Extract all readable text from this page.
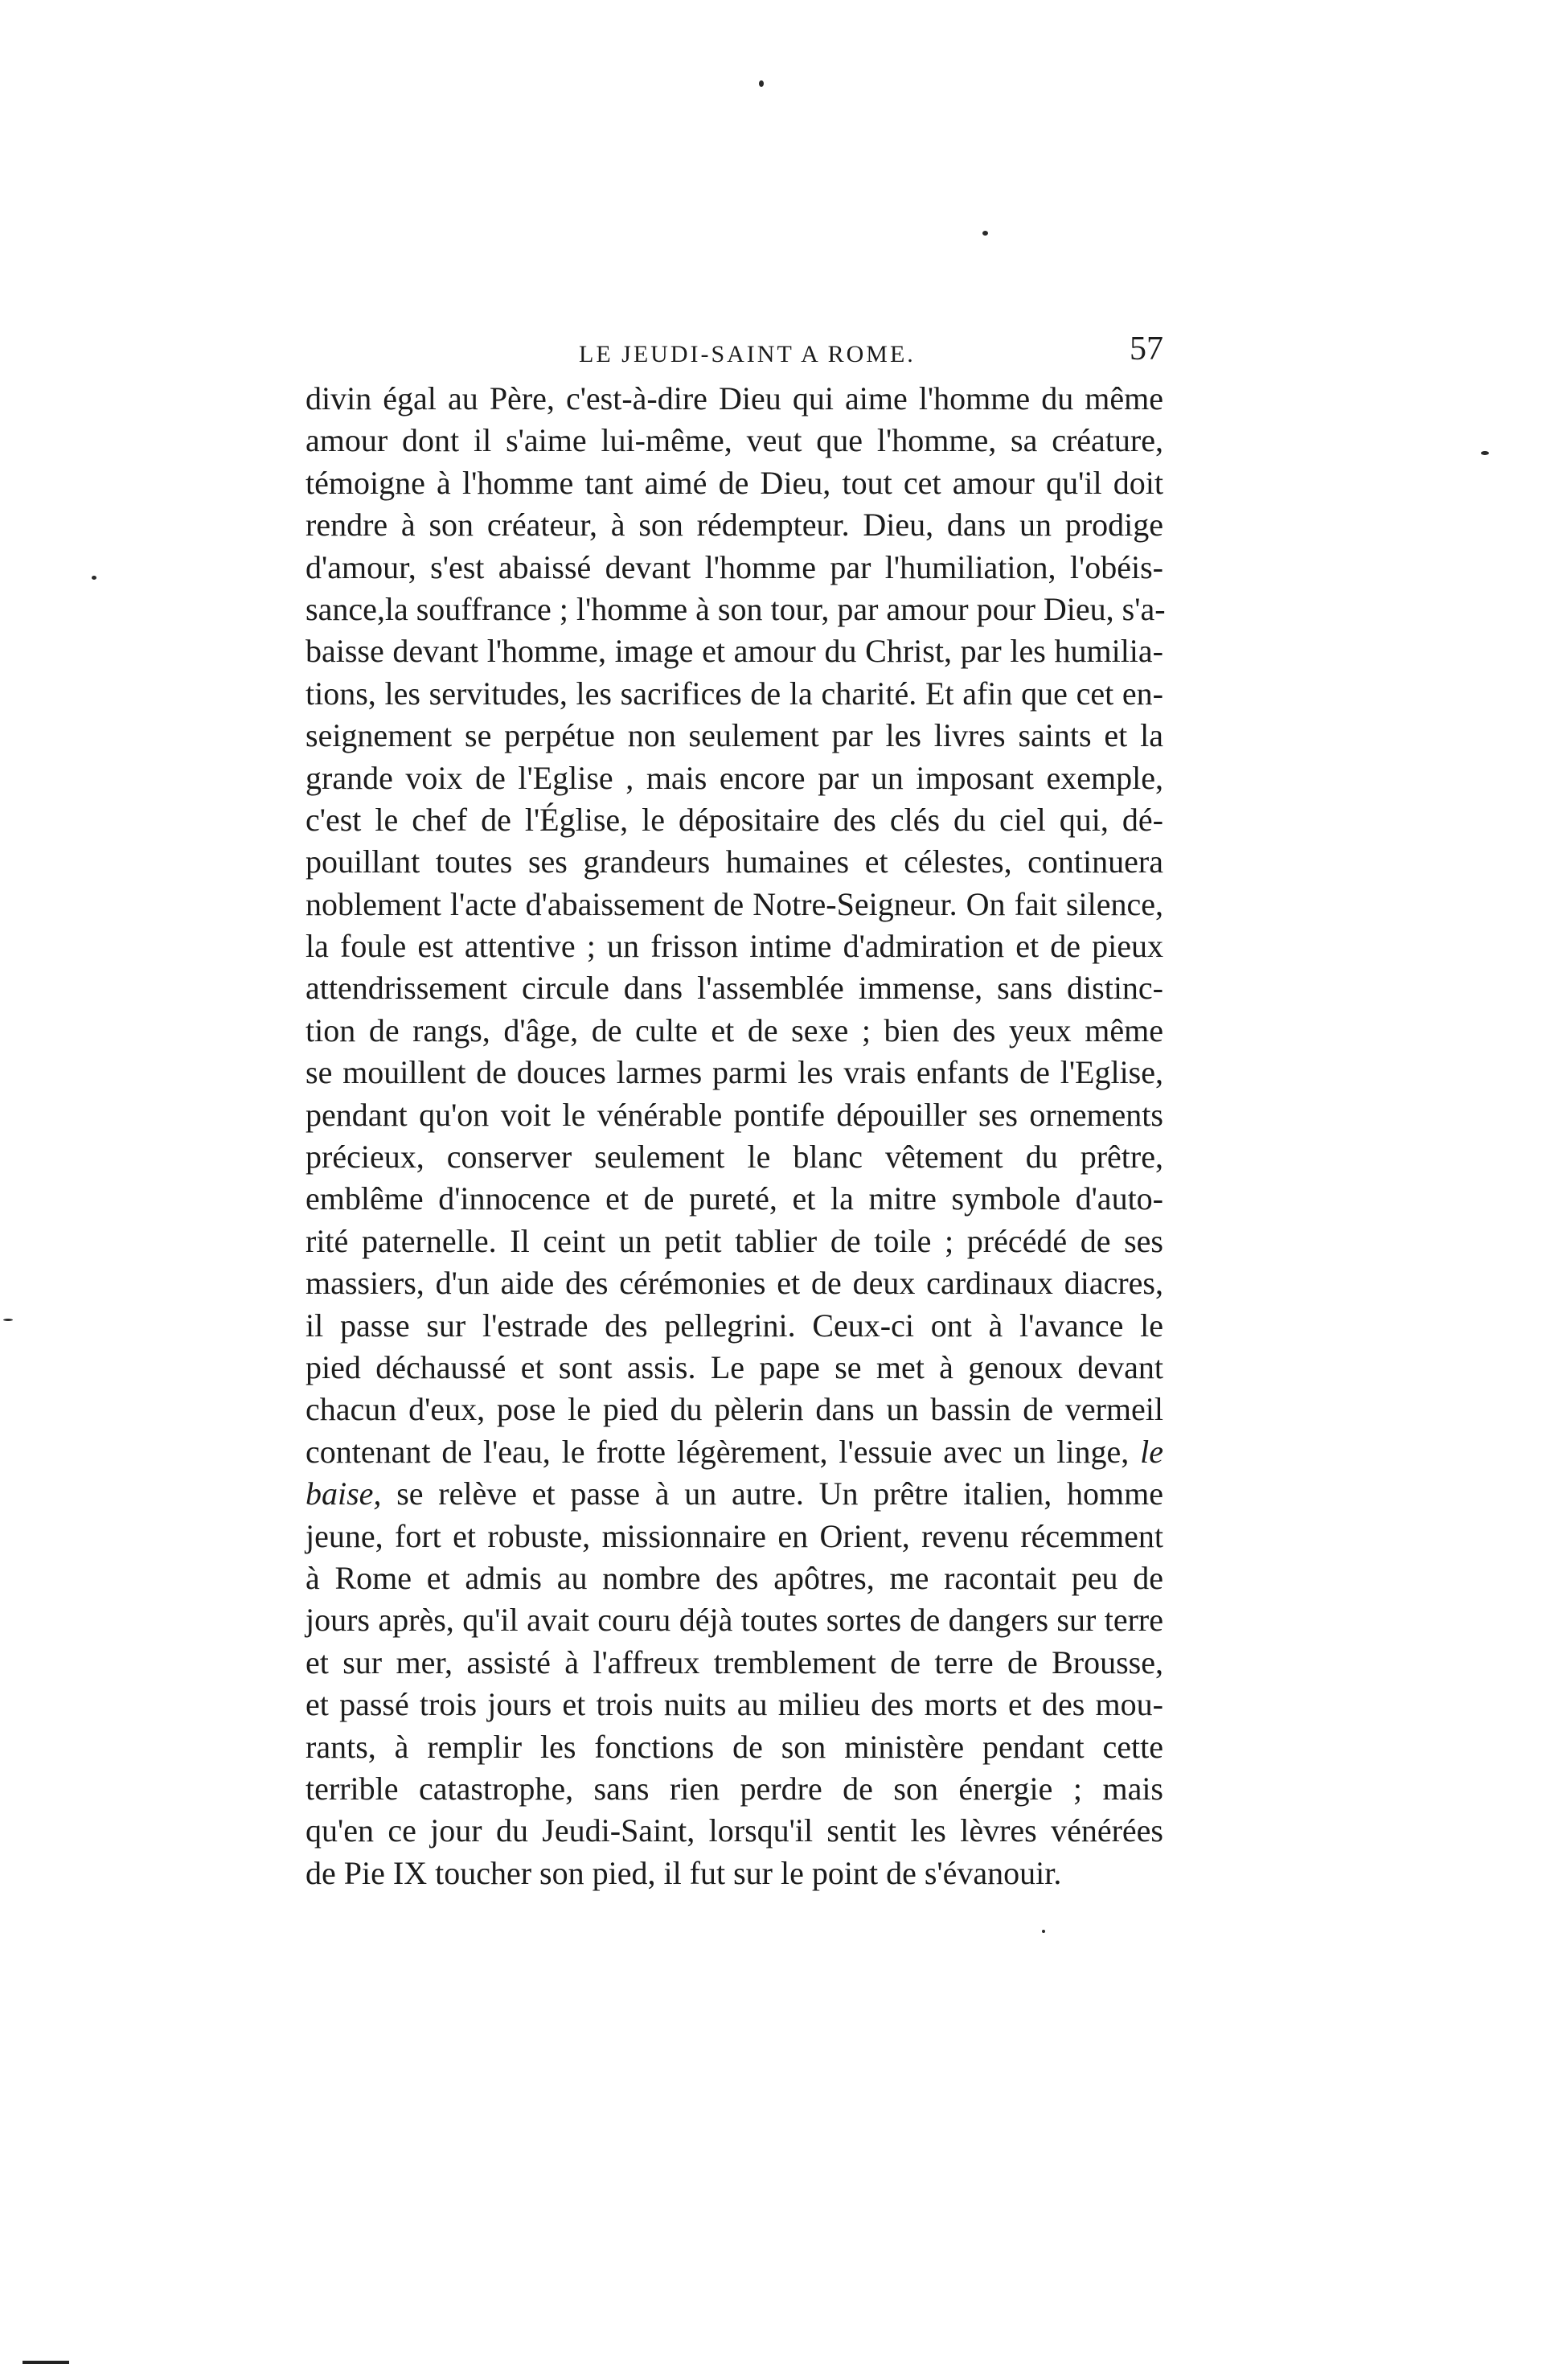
LE JEUDI-SAINT A ROME.	57
divin égal au Père, c'est-à-dire Dieu qui aime l'homme du même
amour dont il s'aime lui-même, veut que l'homme, sa créature,
témoigne à l'homme tant aimé de Dieu, tout cet amour qu'il doit
rendre à son créateur, à son rédempteur. Dieu, dans un prodige
d'amour, s'est abaissé devant l'homme par l'humiliation, l'obéis-
sance,la souffrance ; l'homme à son tour, par amour pour Dieu, s'a-
baisse devant l'homme, image et amour du Christ, par les humilia-
tions, les servitudes, les sacrifices de la charité. Et afin que cet en-
seignement se perpétue non seulement par les livres saints et la
grande voix de l'Eglise , mais encore par un imposant exemple,
c'est le chef de l'Église, le dépositaire des clés du ciel qui, dé-
pouillant toutes ses grandeurs humaines et célestes, continuera
noblement l'acte d'abaissement de Notre-Seigneur. On fait silence,
la foule est attentive ; un frisson intime d'admiration et de pieux
attendrissement circule dans l'assemblée immense, sans distinc-
tion de rangs, d'âge, de culte et de sexe ; bien des yeux même
se mouillent de douces larmes parmi les vrais enfants de l'Eglise,
pendant qu'on voit le vénérable pontife dépouiller ses ornements
précieux, conserver seulement le blanc vêtement du prêtre,
emblême d'innocence et de pureté, et la mitre symbole d'auto-
rité paternelle. Il ceint un petit tablier de toile ; précédé de ses
massiers, d'un aide des cérémonies et de deux cardinaux diacres,
il passe sur l'estrade des pellegrini. Ceux-ci ont à l'avance le
pied déchaussé et sont assis. Le pape se met à genoux devant
chacun d'eux, pose le pied du pèlerin dans un bassin de vermeil
contenant de l'eau, le frotte légèrement, l'essuie avec un linge, le
baise, se relève et passe à un autre. Un prêtre italien, homme
jeune, fort et robuste, missionnaire en Orient, revenu récemment
à Rome et admis au nombre des apôtres, me racontait peu de
jours après, qu'il avait couru déjà toutes sortes de dangers sur terre
et sur mer, assisté à l'affreux tremblement de terre de Brousse,
et passé trois jours et trois nuits au milieu des morts et des mou-
rants, à remplir les fonctions de son ministère pendant cette
terrible catastrophe, sans rien perdre de son énergie ; mais
qu'en ce jour du Jeudi-Saint, lorsqu'il sentit les lèvres vénérées
de Pie IX toucher son pied, il fut sur le point de s'évanouir.
